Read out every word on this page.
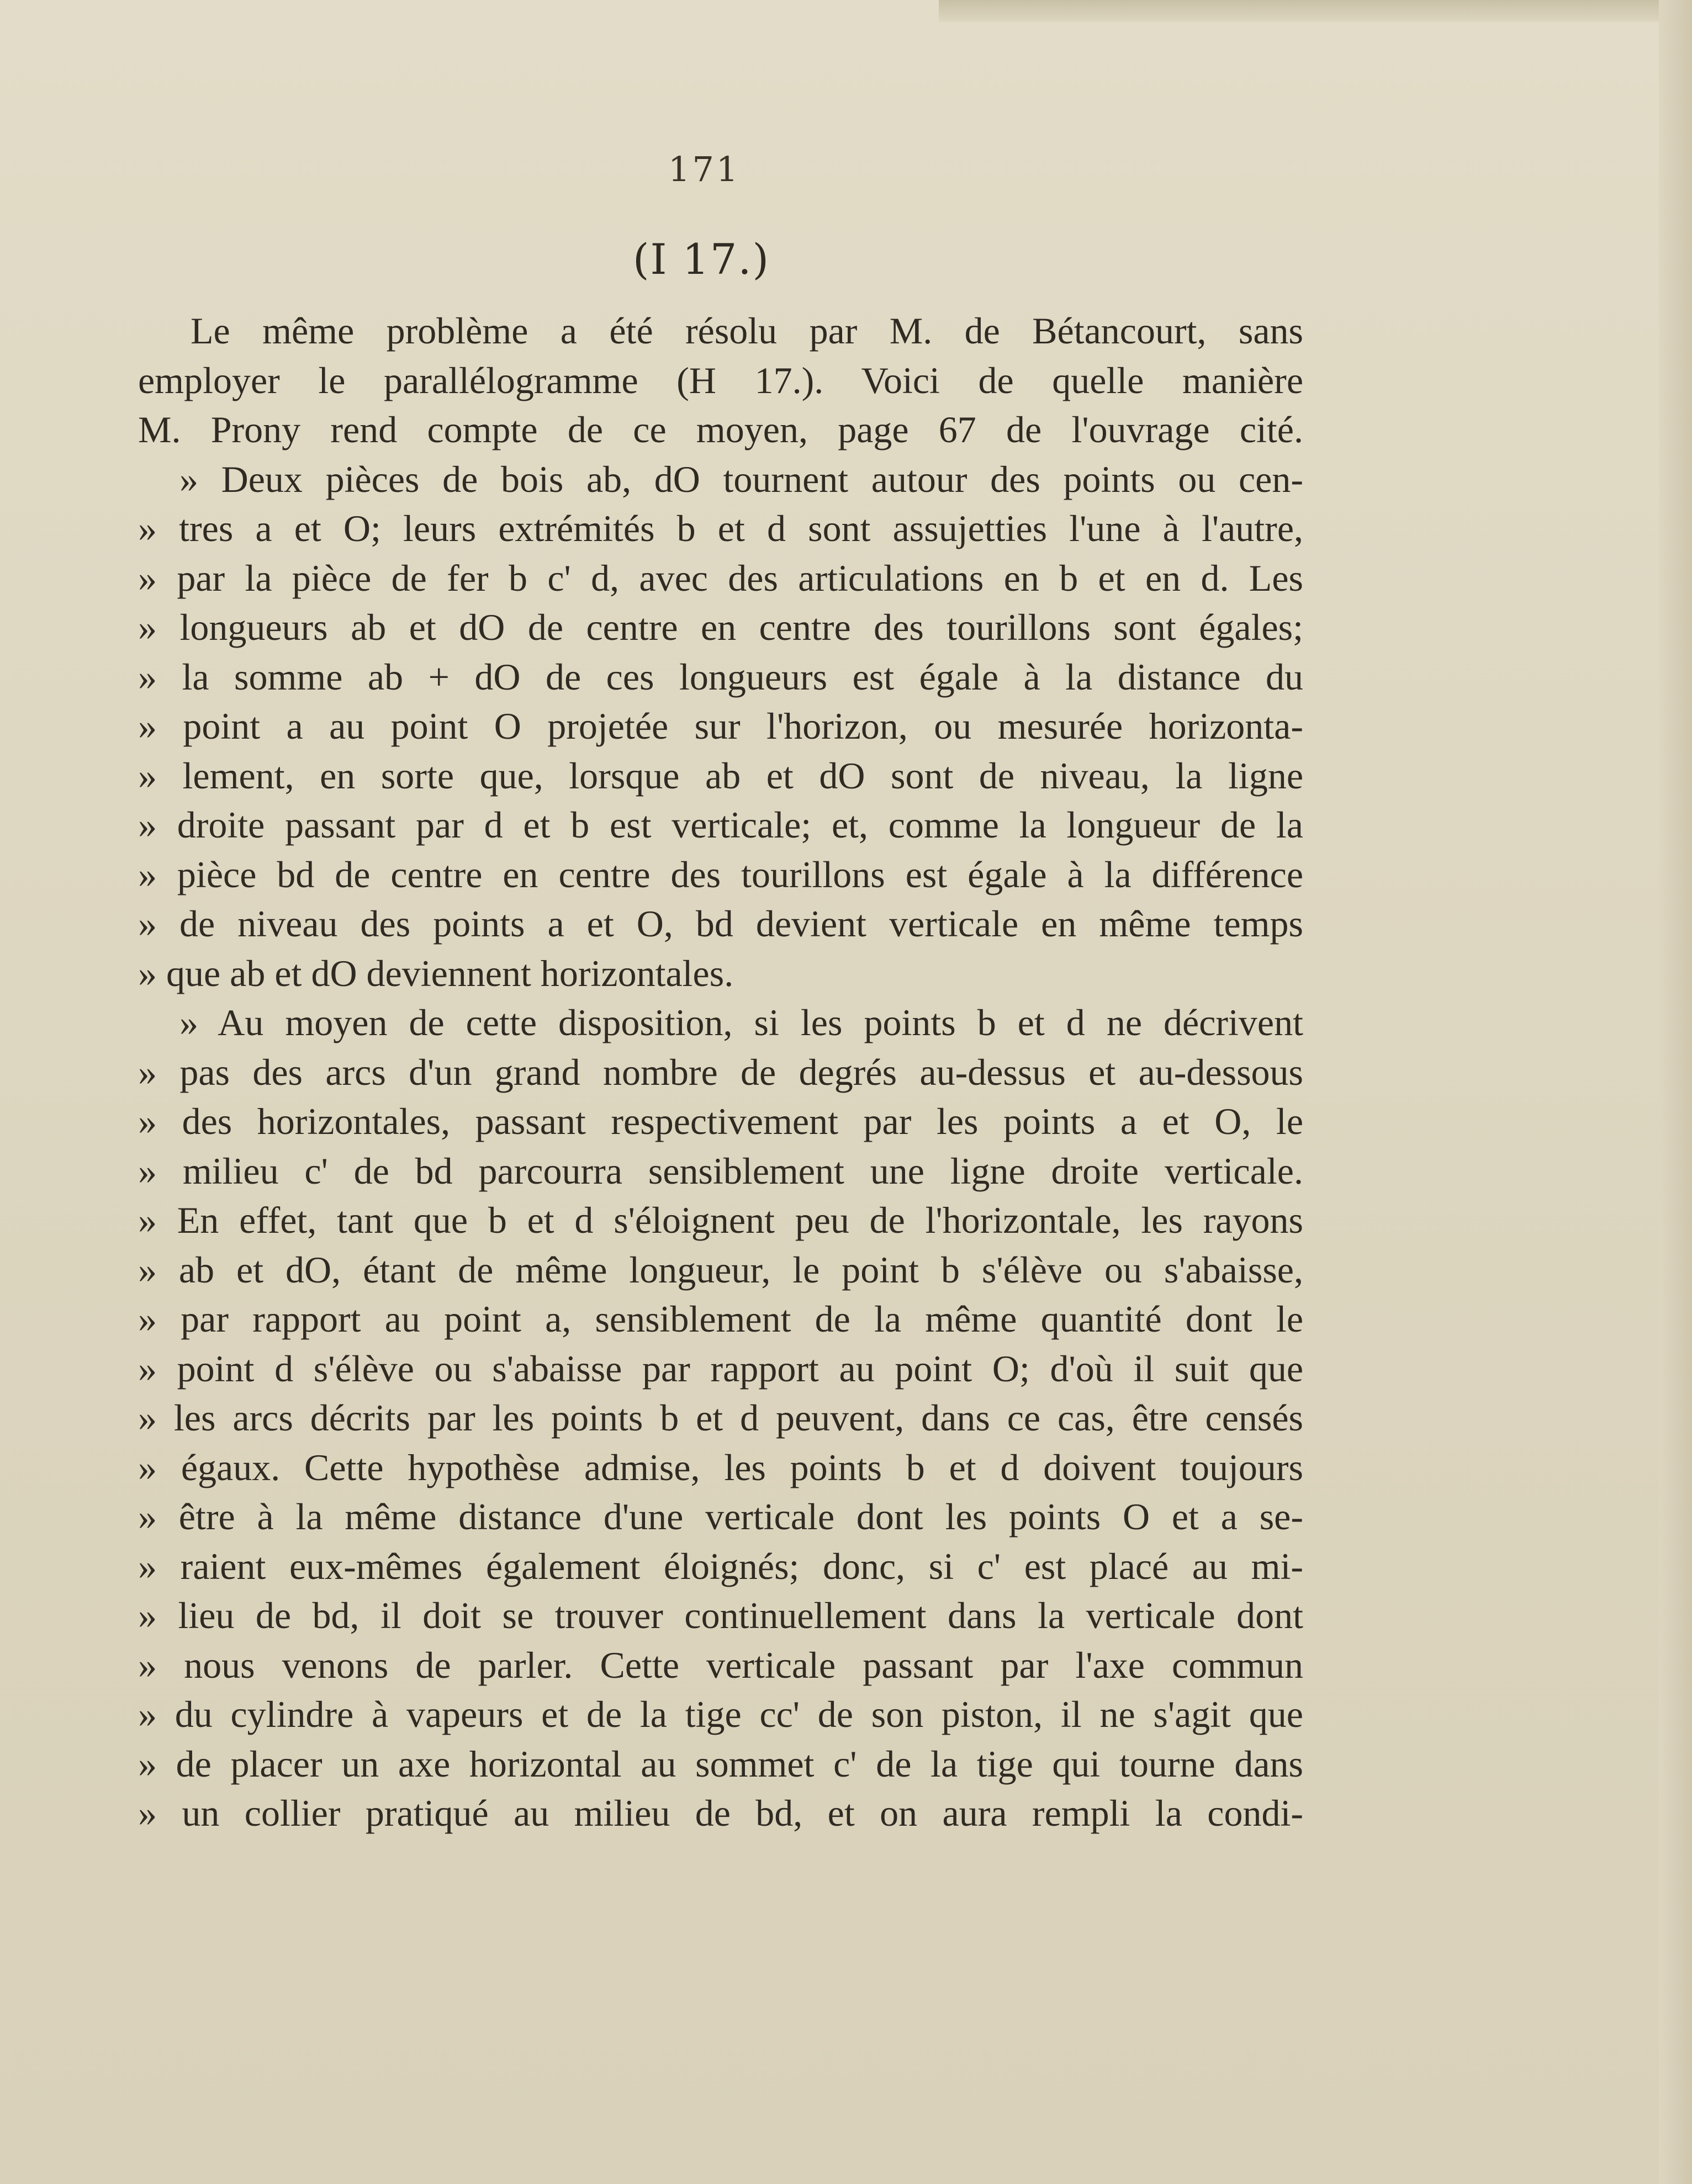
171
(I 17.)
Le même problème a été résolu par M. de Bétancourt, sans
employer le parallélogramme (H 17.). Voici de quelle manière
M. Prony rend compte de ce moyen, page 67 de l'ouvrage cité.
» Deux pièces de bois ab, dO tournent autour des points ou cen-
» tres a et O; leurs extrémités b et d sont assujetties l'une à l'autre,
» par la pièce de fer b c' d, avec des articulations en b et en d. Les
» longueurs ab et dO de centre en centre des tourillons sont égales;
» la somme ab + dO de ces longueurs est égale à la distance du
» point a au point O projetée sur l'horizon, ou mesurée horizonta-
» lement, en sorte que, lorsque ab et dO sont de niveau, la ligne
» droite passant par d et b est verticale; et, comme la longueur de la
» pièce bd de centre en centre des tourillons est égale à la différence
» de niveau des points a et O, bd devient verticale en même temps
» que ab et dO deviennent horizontales.
» Au moyen de cette disposition, si les points b et d ne décrivent
» pas des arcs d'un grand nombre de degrés au-dessus et au-dessous
» des horizontales, passant respectivement par les points a et O, le
» milieu c' de bd parcourra sensiblement une ligne droite verticale.
» En effet, tant que b et d s'éloignent peu de l'horizontale, les rayons
» ab et dO, étant de même longueur, le point b s'élève ou s'abaisse,
» par rapport au point a, sensiblement de la même quantité dont le
» point d s'élève ou s'abaisse par rapport au point O; d'où il suit que
» les arcs décrits par les points b et d peuvent, dans ce cas, être censés
» égaux. Cette hypothèse admise, les points b et d doivent toujours
» être à la même distance d'une verticale dont les points O et a se-
» raient eux-mêmes également éloignés; donc, si c' est placé au mi-
» lieu de bd, il doit se trouver continuellement dans la verticale dont
» nous venons de parler. Cette verticale passant par l'axe commun
» du cylindre à vapeurs et de la tige cc' de son piston, il ne s'agit que
» de placer un axe horizontal au sommet c' de la tige qui tourne dans
» un collier pratiqué au milieu de bd, et on aura rempli la condi-
